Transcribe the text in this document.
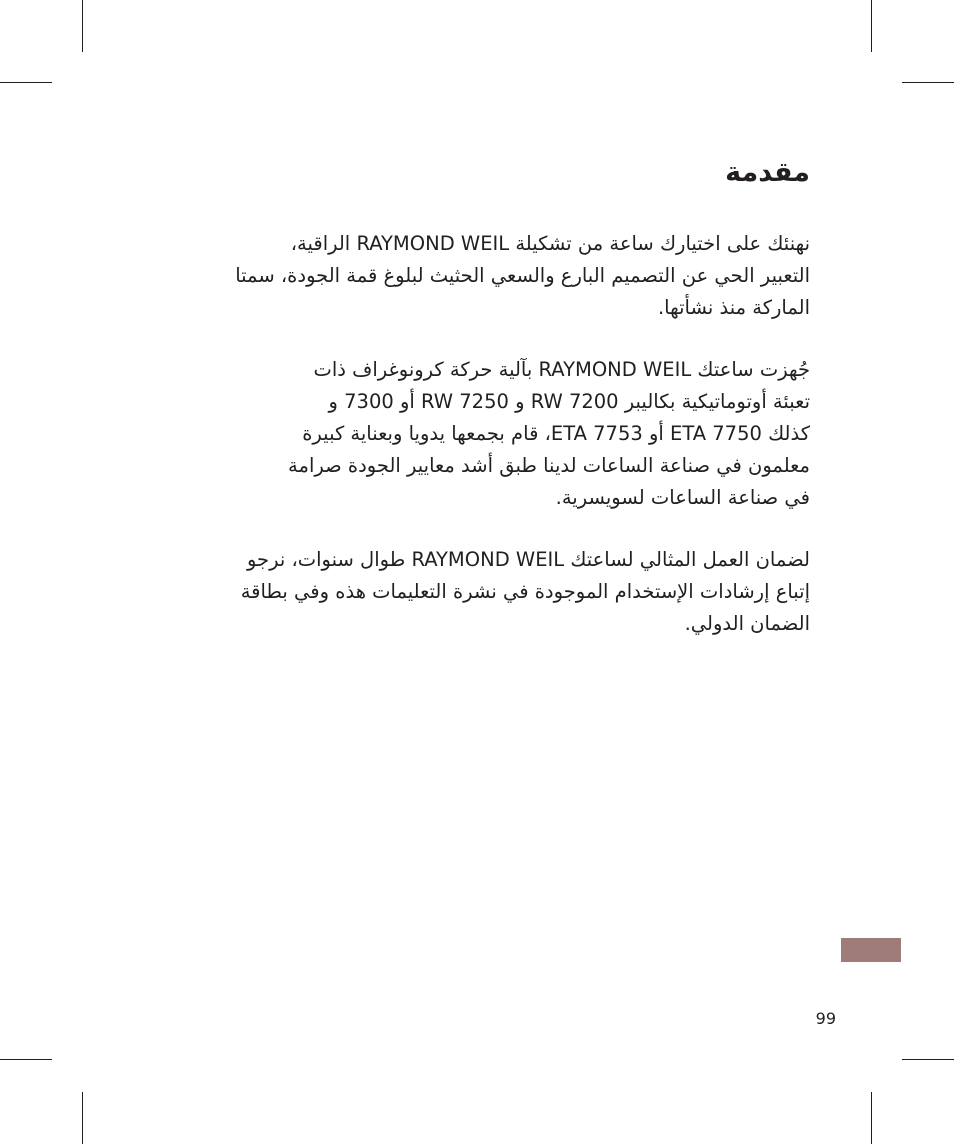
مقدمة

نهنئك على اختيارك ساعة من تشكيلة RAYMOND WEIL الراقية،
التعبير الحي عن التصميم البارع والسعي الحثيث لبلوغ قمة الجودة، سمتا
الماركة منذ نشأتها.

جُهزت ساعتك RAYMOND WEIL بآلية حركة كرونوغراف ذات
تعبئة أوتوماتيكية بكاليبر RW 7200 و RW 7250 أو 7300 و
كذلك ETA 7750 أو ETA 7753، قام بجمعها يدويا وبعناية كبيرة
معلمون في صناعة الساعات لدينا طبق أشد معايير الجودة صرامة
في صناعة الساعات لسويسرية.

لضمان العمل المثالي لساعتك RAYMOND WEIL طوال سنوات، نرجو
إتباع إرشادات الإستخدام الموجودة في نشرة التعليمات هذه وفي بطاقة
الضمان الدولي.

99
